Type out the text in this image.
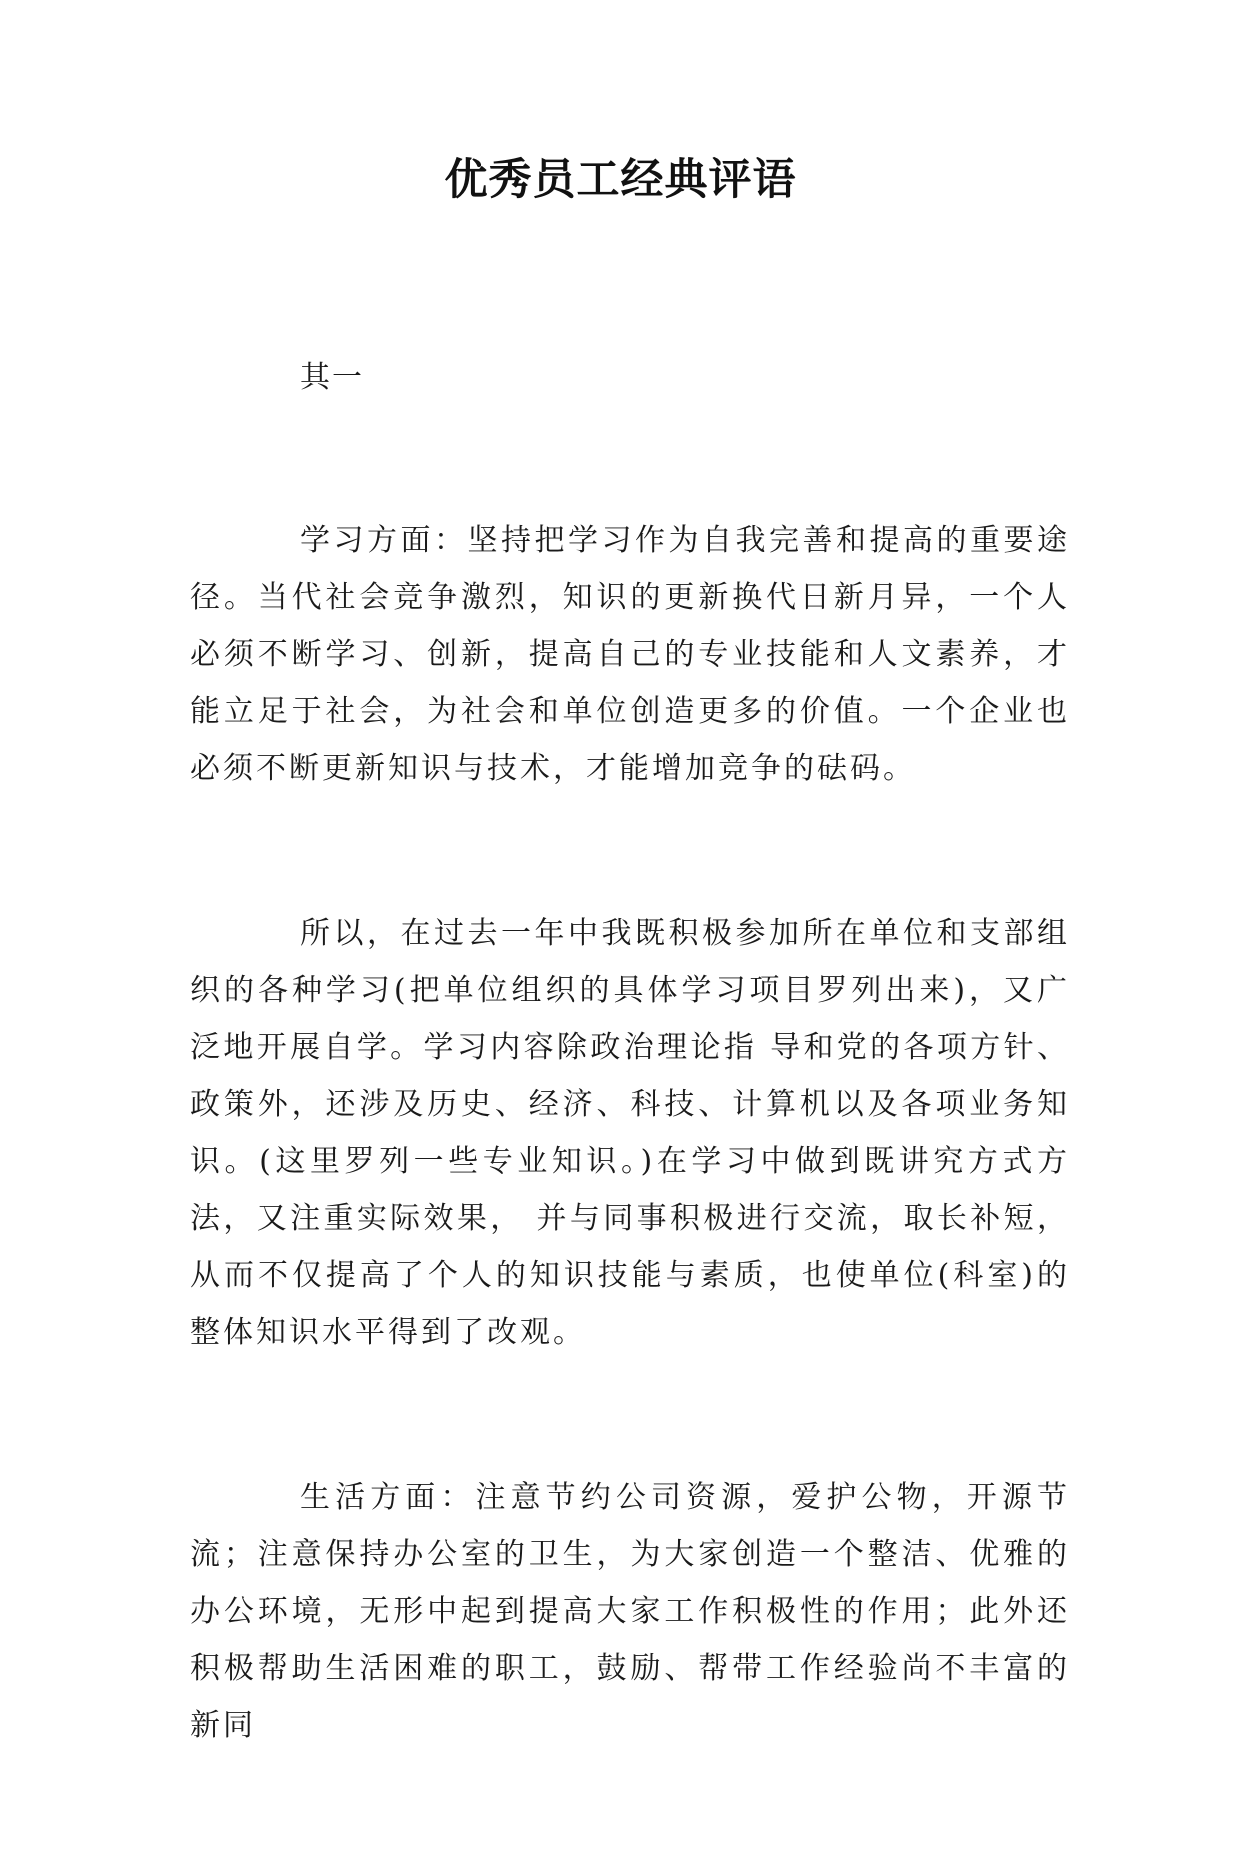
优秀员工经典评语
其一

学习方面：坚持把学习作为自我完善和提高的重要途径。当代社会竞争激烈，知识的更新换代日新月异，一个人必须不断学习、创新，提高自己的专业技能和人文素养，才能立足于社会，为社会和单位创造更多的价值。一个企业也必须不断更新知识与技术，才能增加竞争的砝码。

所以，在过去一年中我既积极参加所在单位和支部组织的各种学习(把单位组织的具体学习项目罗列出来)，又广泛地开展自学。学习内容除政治理论指 导和党的各项方针、政策外，还涉及历史、经济、科技、计算机以及各项业务知识。(这里罗列一些专业知识。)在学习中做到既讲究方式方法，又注重实际效果， 并与同事积极进行交流，取长补短，从而不仅提高了个人的知识技能与素质，也使单位(科室)的整体知识水平得到了改观。

生活方面：注意节约公司资源，爱护公物，开源节流；注意保持办公室的卫生，为大家创造一个整洁、优雅的办公环境，无形中起到提高大家工作积极性的作用；此外还积极帮助生活困难的职工，鼓励、帮带工作经验尚不丰富的新同
